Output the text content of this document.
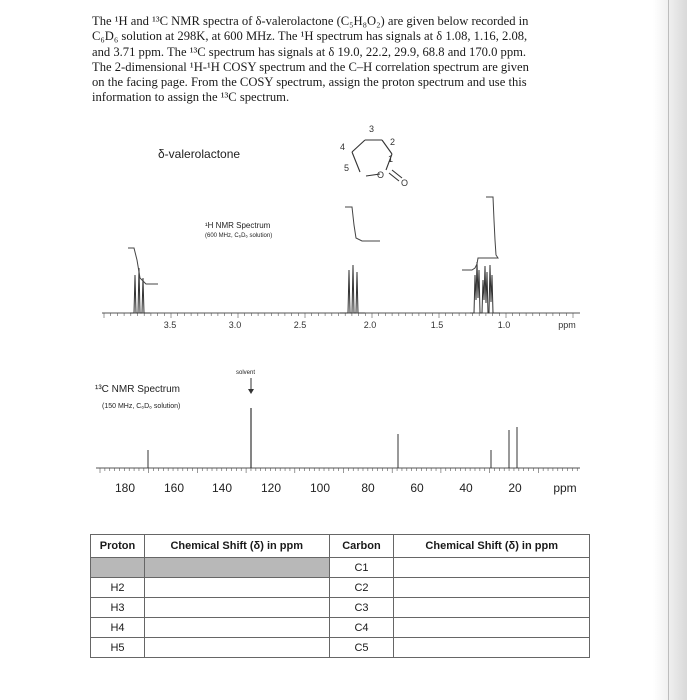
The ¹H and ¹³C NMR spectra of δ-valerolactone (C₅H₈O₂) are given below recorded in
C₆D₆ solution at 298K, at 600 MHz. The ¹H spectrum has signals at δ 1.08, 1.16, 2.08,
and 3.71 ppm. The ¹³C spectrum has signals at δ 19.0, 22.2, 29.9, 68.8 and 170.0 ppm.
The 2-dimensional ¹H-¹H COSY spectrum and the C–H correlation spectrum are given
on the facing page. From the COSY spectrum, assign the proton spectrum and use this
information to assign the ¹³C spectrum.
δ-valerolactone	4
3
2
1
5
O
O
¹H NMR Spectrum
(600 MHz, C₆D₆ solution)
3.5	3.0	2.5	2.0	1.5	1.0	ppm
¹³C NMR Spectrum
(150 MHz, C₆D₆ solution)
solvent
180 160 140 120 100	80	60	40	20	ppm
Proton	Chemical Shift (δ) in ppm	Carbon	Chemical Shift (δ) in ppm
		C1	
H2		C2	
H3		C3	
H4		C4	
H5		C5	
